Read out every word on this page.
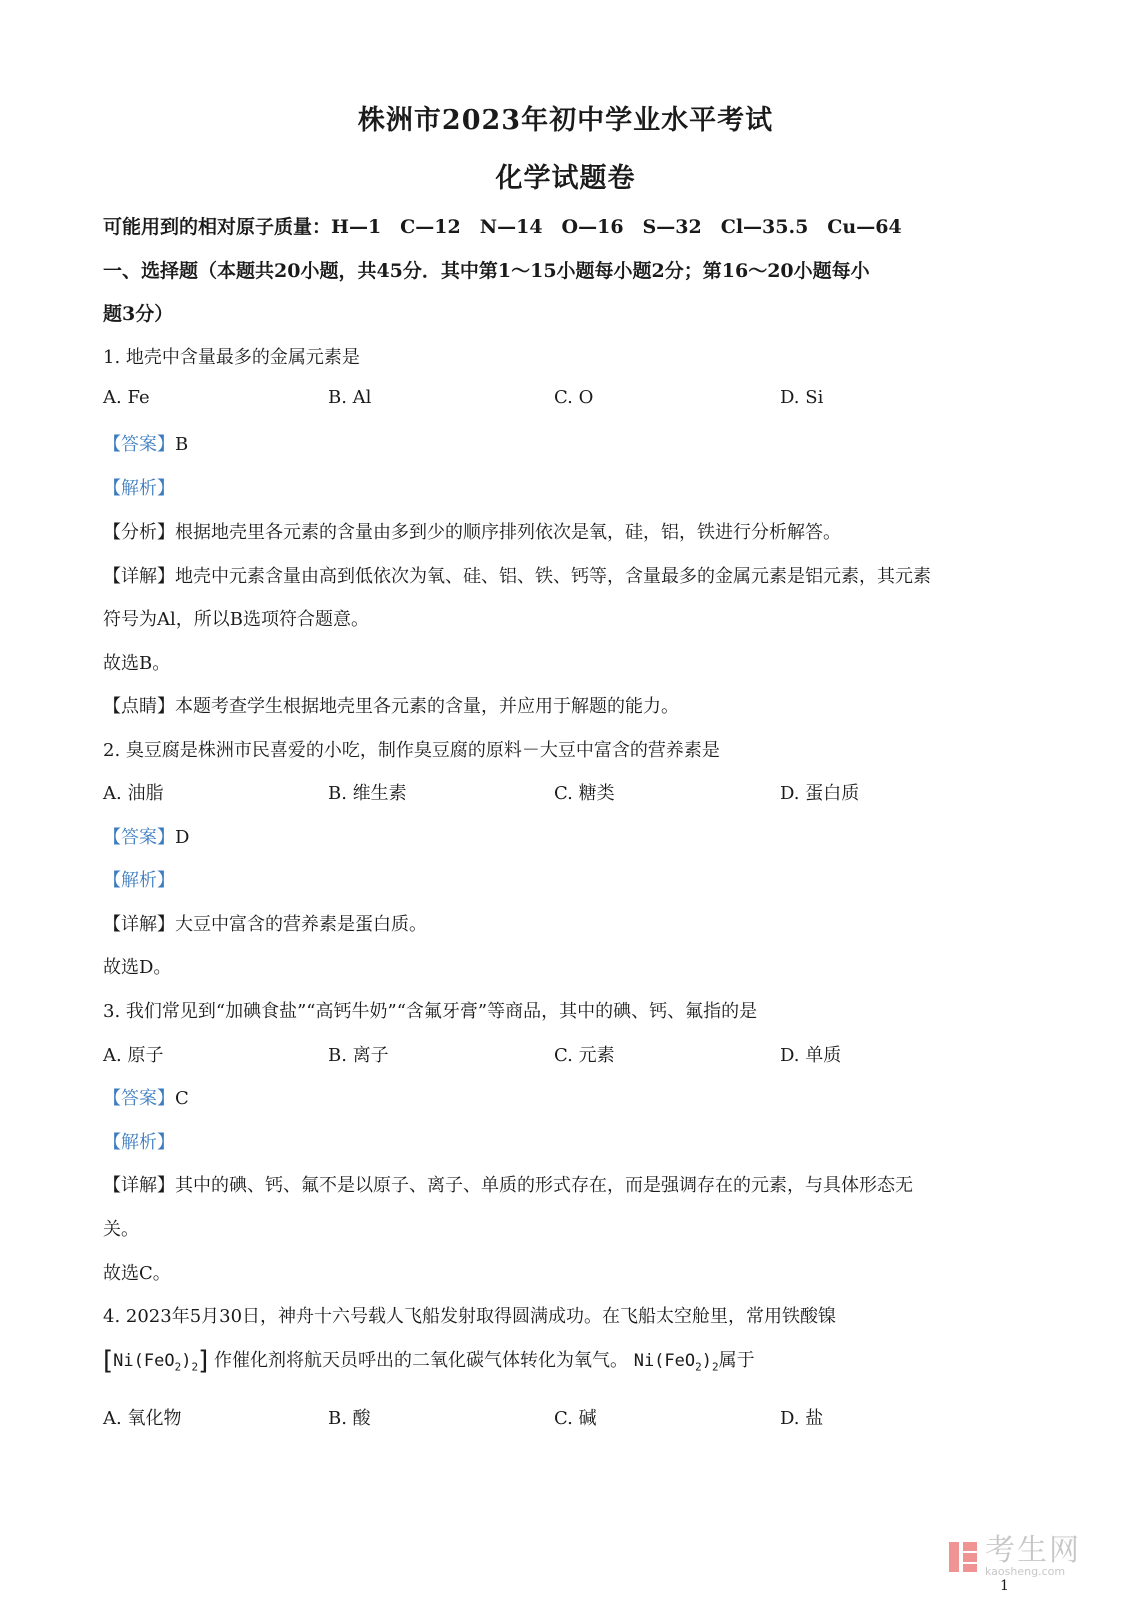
株洲市2023年初中学业水平考试
化学试题卷
可能用到的相对原子质量：H—1　C—12　N—14　O—16　S—32　Cl—35.5　Cu—64
一、选择题（本题共20小题，共45分．其中第1～15小题每小题2分；第16～20小题每小
题3分）
1. 地壳中含量最多的金属元素是
A. Fe	B. Al	C. O	D. Si
【答案】B
【解析】
【分析】根据地壳里各元素的含量由多到少的顺序排列依次是氧，硅，铝，铁进行分析解答。
【详解】地壳中元素含量由高到低依次为氧、硅、铝、铁、钙等，含量最多的金属元素是铝元素，其元素
符号为Al，所以B选项符合题意。
故选B。
【点睛】本题考查学生根据地壳里各元素的含量，并应用于解题的能力。
2. 臭豆腐是株洲市民喜爱的小吃，制作臭豆腐的原料－大豆中富含的营养素是
A. 油脂	B. 维生素	C. 糖类	D. 蛋白质
【答案】D
【解析】
【详解】大豆中富含的营养素是蛋白质。
故选D。
3. 我们常见到“加碘食盐”“高钙牛奶”“含氟牙膏”等商品，其中的碘、钙、氟指的是
A. 原子	B. 离子	C. 元素	D. 单质
【答案】C
【解析】
【详解】其中的碘、钙、氟不是以原子、离子、单质的形式存在，而是强调存在的元素，与具体形态无
关。
故选C。
4. 2023年5月30日，神舟十六号载人飞船发射取得圆满成功。在飞船太空舱里，常用铁酸镍
$[Ni(FeO_2)_2]$ 作催化剂将航天员呼出的二氧化碳气体转化为氧气。 $Ni(FeO_2)_2$属于
A. 氧化物	B. 酸	C. 碱	D. 盐
考生网
kaosheng.com
1
